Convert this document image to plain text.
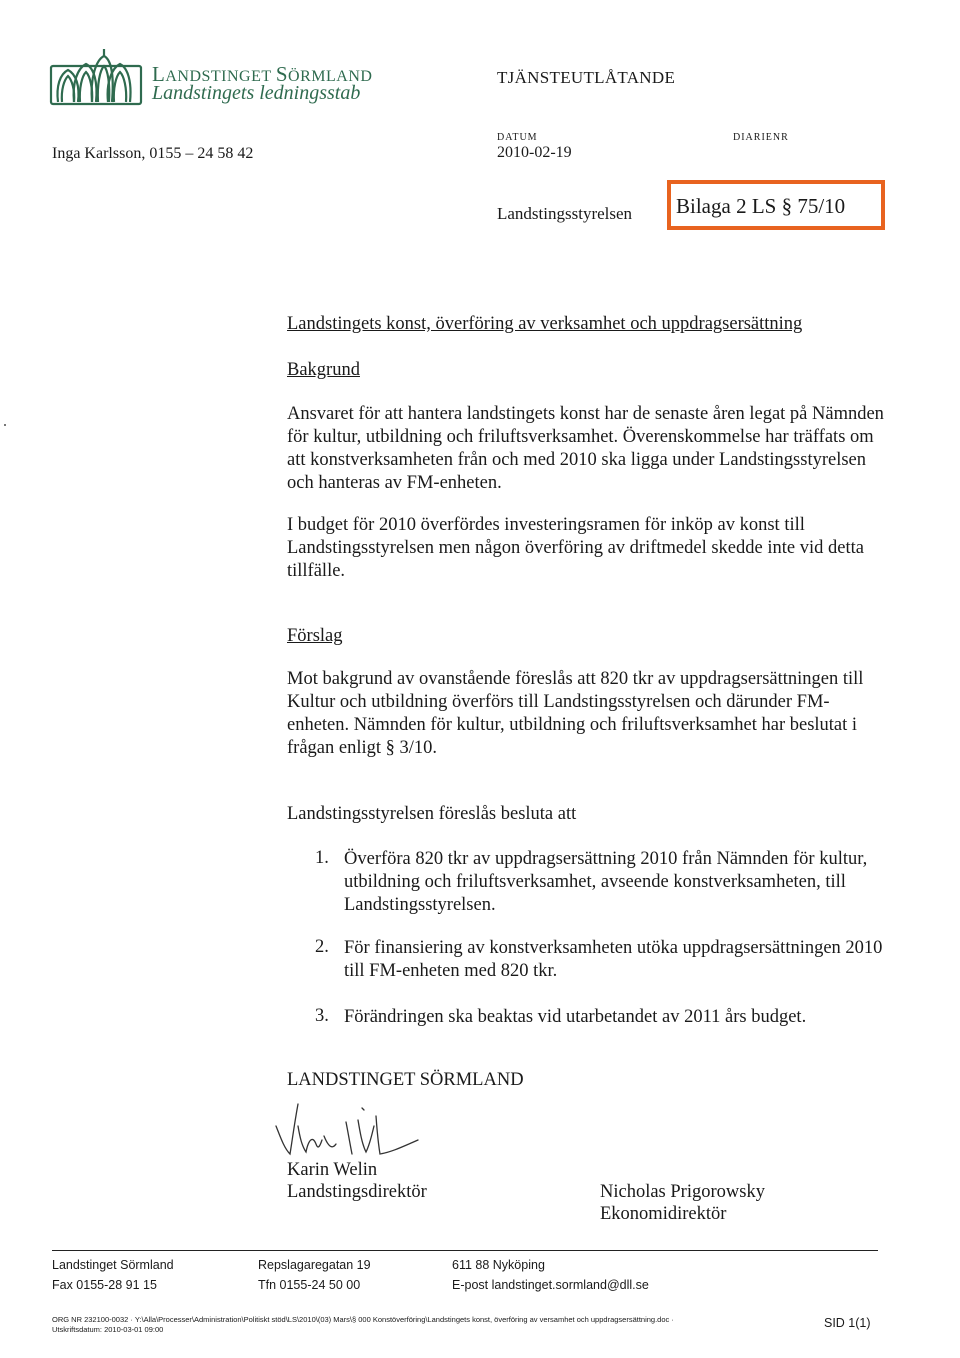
LANDSTINGET SÖRMLAND
Landstingets ledningsstab
TJÄNSTEUTLÅTANDE
Inga Karlsson, 0155 – 24 58 42
DATUM
2010-02-19
DIARIENR
Landstingsstyrelsen Bilaga 2 LS § 75/10
Landstingets konst, överföring av verksamhet och uppdragsersättning
Bakgrund
Ansvaret för att hantera landstingets konst har de senaste åren legat på Nämnden för kultur, utbildning och friluftsverksamhet. Överenskommelse har träffats om att konstverksamheten från och med 2010 ska ligga under Landstingsstyrelsen och hanteras av FM-enheten.
I budget för 2010 överfördes investeringsramen för inköp av konst till Landstingsstyrelsen men någon överföring av driftmedel skedde inte vid detta tillfälle.
Förslag
Mot bakgrund av ovanstående föreslås att 820 tkr av uppdragsersättningen till Kultur och utbildning överförs till Landstingsstyrelsen och därunder FM-enheten. Nämnden för kultur, utbildning och friluftsverksamhet har beslutat i frågan enligt § 3/10.
Landstingsstyrelsen föreslås besluta att
1. Överföra 820 tkr av uppdragsersättning 2010 från Nämnden för kultur, utbildning och friluftsverksamhet, avseende konstverksamheten, till Landstingsstyrelsen.
2. För finansiering av konstverksamheten utöka uppdragsersättningen 2010 till FM-enheten med 820 tkr.
3. Förändringen ska beaktas vid utarbetandet av 2011 års budget.
LANDSTINGET SÖRMLAND
Karin Welin
Landstingsdirektör	Nicholas Prigorowsky
Ekonomidirektör
Landstinget Sörmland
Fax 0155-28 91 15
Repslagaregatan 19
Tfn 0155-24 50 00
611 88 Nyköping
E-post landstinget.sormland@dll.se
ORG NR 232100-0032 · Y:\Alla\Processer\Administration\Politiskt stöd\LS\2010\(03) Mars\§ 000 Konstöverföring\Landstingets konst, överföring av versamhet och uppdragsersättning.doc · Utskriftsdatum: 2010-03-01 09:00	SID 1(1)
